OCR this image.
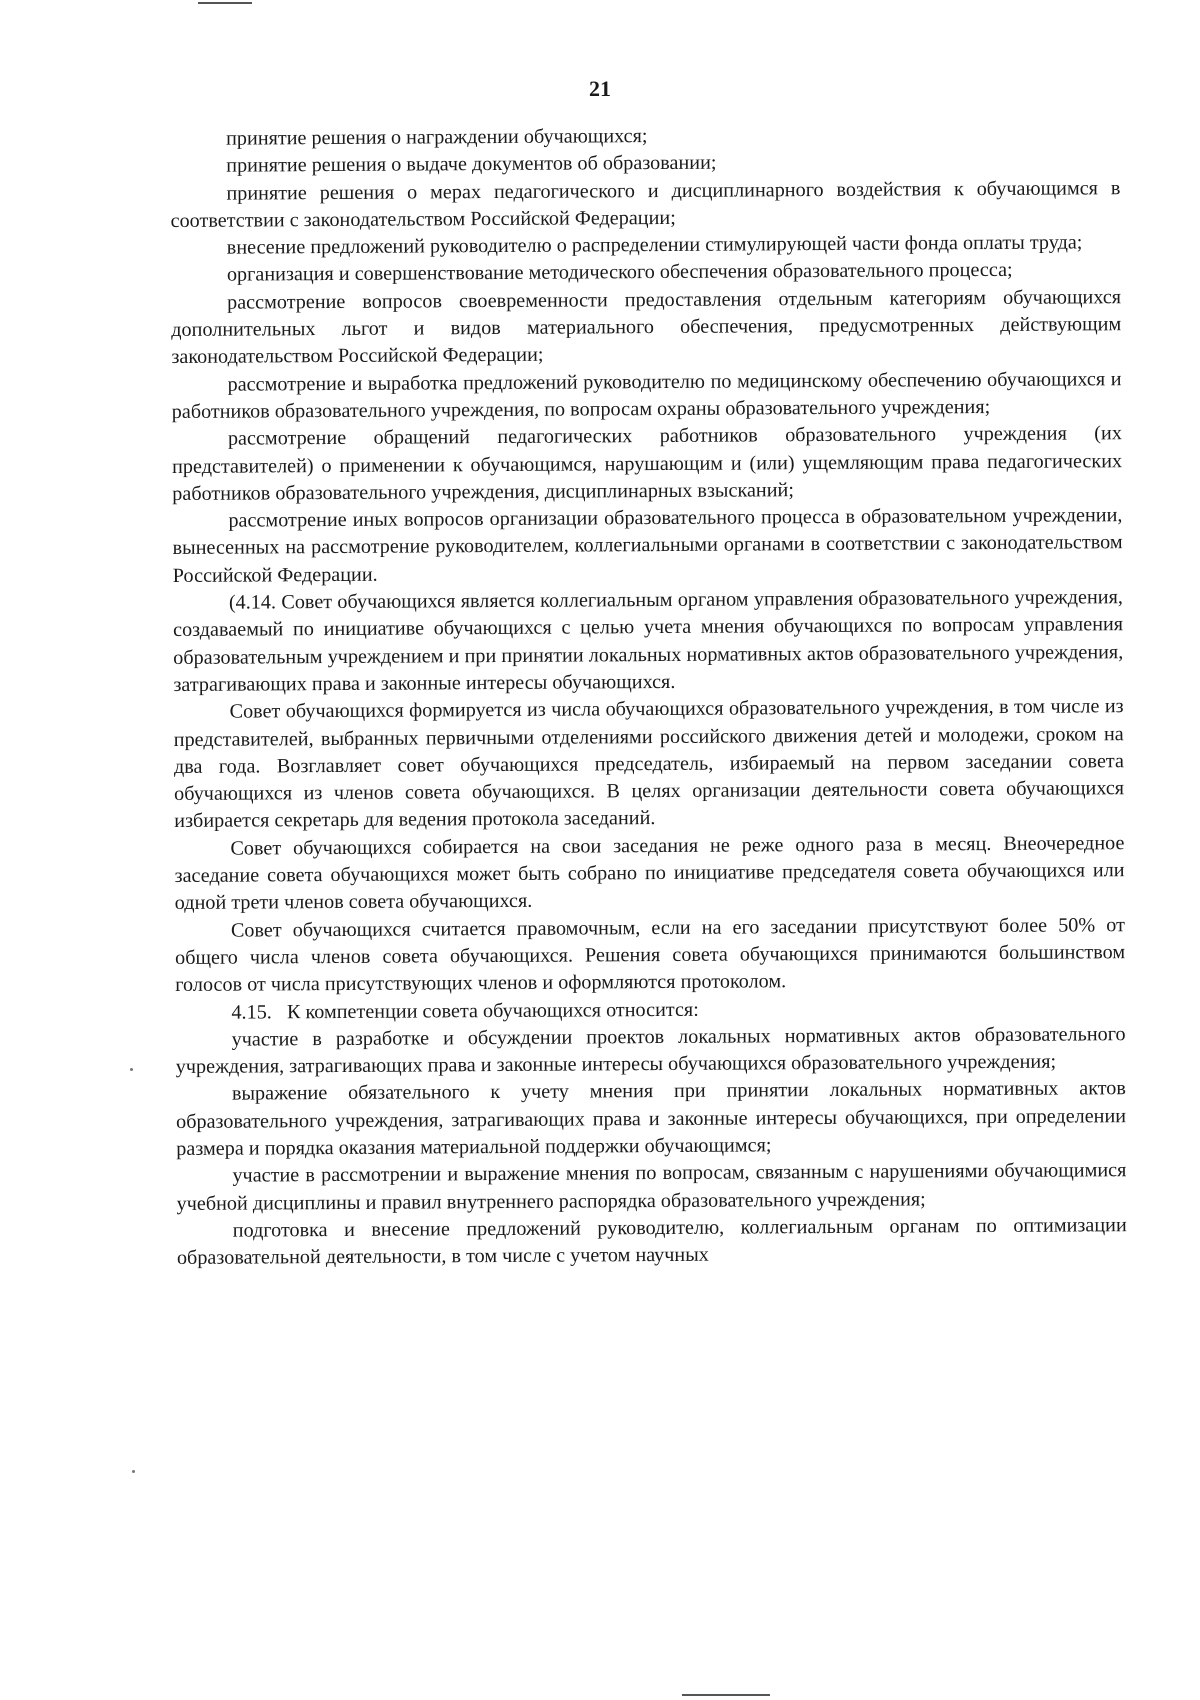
21

принятие решения о награждении обучающихся;

принятие решения о выдаче документов об образовании;

принятие решения о мерах педагогического и дисциплинарного воздействия к обучающимся в соответствии с законодательством Российской Федерации;

внесение предложений руководителю о распределении стимулирующей части фонда оплаты труда;

организация и совершенствование методического обеспечения образовательного процесса;

рассмотрение вопросов своевременности предоставления отдельным категориям обучающихся дополнительных льгот и видов материального обеспечения, предусмотренных действующим законодательством Российской Федерации;

рассмотрение и выработка предложений руководителю по медицинскому обеспечению обучающихся и работников образовательного учреждения, по вопросам охраны образовательного учреждения;

рассмотрение обращений педагогических работников образовательного учреждения (их представителей) о применении к обучающимся, нарушающим и (или) ущемляющим права педагогических работников образовательного учреждения, дисциплинарных взысканий;

рассмотрение иных вопросов организации образовательного процесса в образовательном учреждении, вынесенных на рассмотрение руководителем, коллегиальными органами в соответствии с законодательством Российской Федерации.

(4.14. Совет обучающихся является коллегиальным органом управления образовательного учреждения, создаваемый по инициативе обучающихся с целью учета мнения обучающихся по вопросам управления образовательным учреждением и при принятии локальных нормативных актов образовательного учреждения, затрагивающих права и законные интересы обучающихся.

Совет обучающихся формируется из числа обучающихся образовательного учреждения, в том числе из представителей, выбранных первичными отделениями российского движения детей и молодежи, сроком на два года. Возглавляет совет обучающихся председатель, избираемый на первом заседании совета обучающихся из членов совета обучающихся. В целях организации деятельности совета обучающихся избирается секретарь для ведения протокола заседаний.

Совет обучающихся собирается на свои заседания не реже одного раза в месяц. Внеочередное заседание совета обучающихся может быть собрано по инициативе председателя совета обучающихся или одной трети членов совета обучающихся.

Совет обучающихся считается правомочным, если на его заседании присутствуют более 50% от общего числа членов совета обучающихся. Решения совета обучающихся принимаются большинством голосов от числа присутствующих членов и оформляются протоколом.

4.15.   К компетенции совета обучающихся относится:

участие в разработке и обсуждении проектов локальных нормативных актов образовательного учреждения, затрагивающих права и законные интересы обучающихся образовательного учреждения;

выражение обязательного к учету мнения при принятии локальных нормативных актов образовательного учреждения, затрагивающих права и законные интересы обучающихся, при определении размера и порядка оказания материальной поддержки обучающимся;

участие в рассмотрении и выражение мнения по вопросам, связанным с нарушениями обучающимися учебной дисциплины и правил внутреннего распорядка образовательного учреждения;

подготовка и внесение предложений руководителю, коллегиальным органам по оптимизации образовательной деятельности, в том числе с учетом научных
